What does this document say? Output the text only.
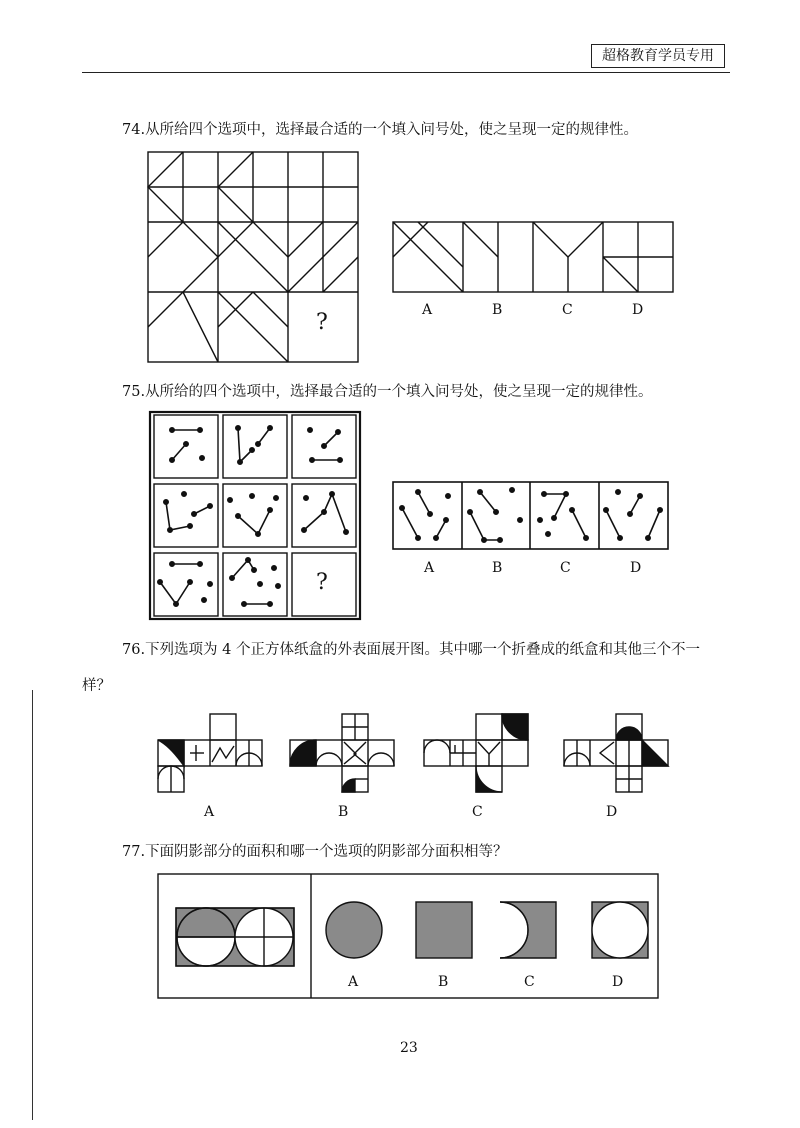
超格教育学员专用
74.从所给四个选项中，选择最合适的一个填入问号处，使之呈现一定的规律性。
?	A	B	C	D
75.从所给的四个选项中，选择最合适的一个填入问号处，使之呈现一定的规律性。
?
A	B	C	D
76.下列选项为 4 个正方体纸盒的外表面展开图。其中哪一个折叠成的纸盒和其他三个不一
样？
A	B	C	D
77.下面阴影部分的面积和哪一个选项的阴影部分面积相等？
A	B	C	D
23
